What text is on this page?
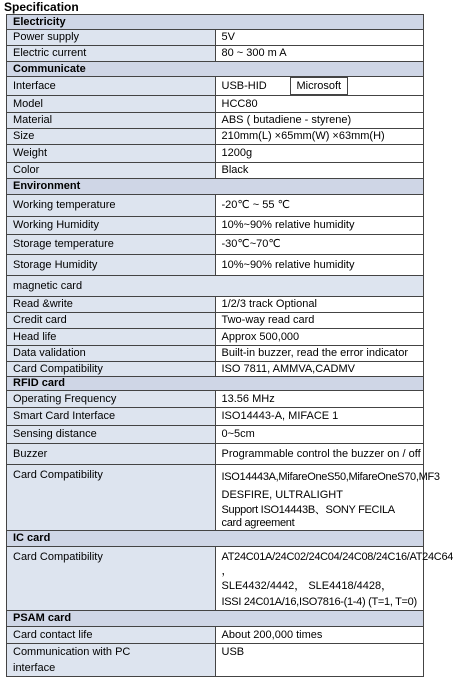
Specification
Electricity	
Power supply	5V
Electric current	80 ~ 300 m A
Communicate	
Interface	USB-HID Microsoft

Model	HCC80
Material	ABS ( butadiene - styrene)
Size	210mm(L) ×65mm(W) ×63mm(H)
Weight	1200g
Color	Black
Environment	
Working temperature	-20℃ ~ 55 ℃
Working Humidity	10%~90% relative humidity
Storage temperature	-30℃~70℃
Storage Humidity	10%~90% relative humidity
magnetic card	
Read &write	1/2/3 track Optional
Credit card	Two-way read card
Head life	Approx 500,000
Data validation	Built-in buzzer, read the error indicator
Card Compatibility	ISO 7811, AMMVA,CADMV
RFID card	
Operating Frequency	13.56 MHz
Smart Card Interface	ISO14443-A, MIFACE 1
Sensing distance	0~5cm
Buzzer	Programmable control the buzzer on / off
Card Compatibility	ISO14443A,MifareOneS50,MifareOneS70,MF3
DESFIRE, ULTRALIGHT
Support ISO14443B、SONY FECILA card agreement

IC card	
Card Compatibility	AT24C01A/24C02/24C04/24C08/24C16/AT24C64 ，
SLE4432/4442， SLE4418/4428，
ISSI 24C01A/16,ISO7816-(1-4) (T=1, T=0)

PSAM card	
Card contact life	About 200,000 times

Communication with PC
interface	USB
